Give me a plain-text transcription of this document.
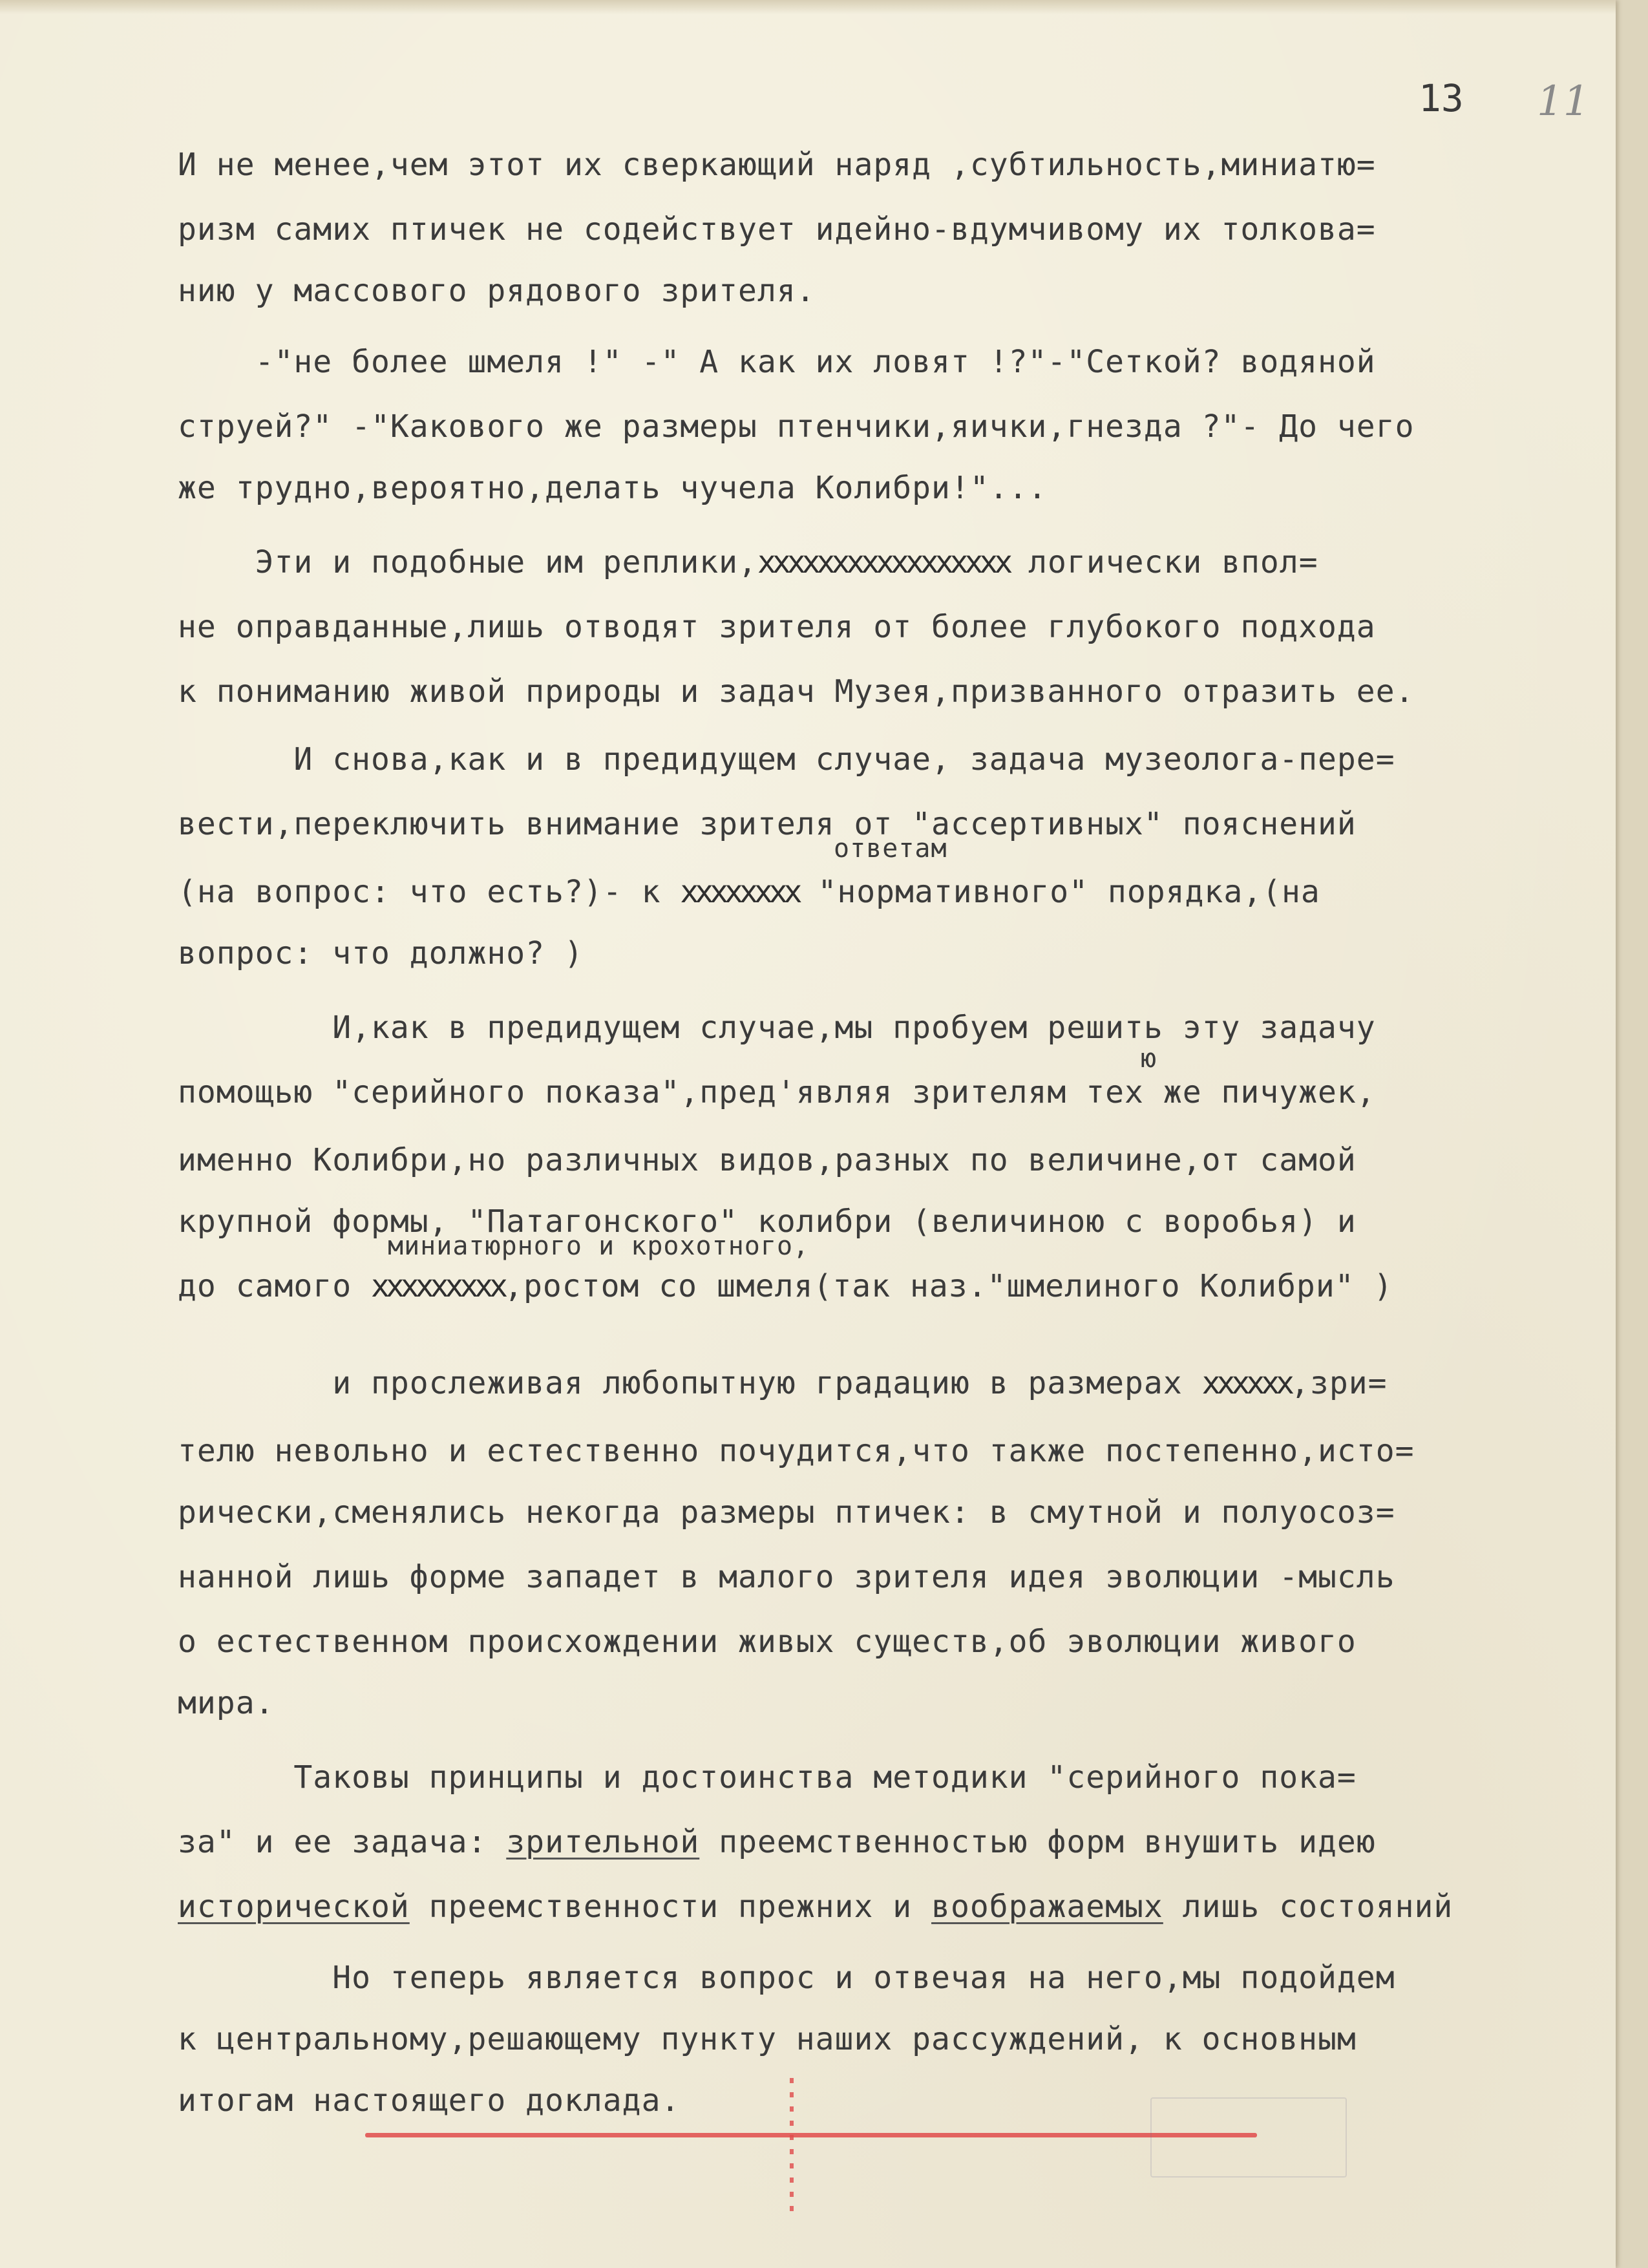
13 11
И не менее,чем этот их сверкающий наряд ,субтильность,миниатю=
ризм самих птичек не содействует идейно-вдумчивому их толкова=
нию у массового рядового зрителя.
-"не более шмеля !" -" А как их ловят !?"-"Сеткой? водяной
струей?" -"Каковогo же размеры птенчики,яички,гнезда ?"- До чего
же трудно,вероятно,делать чучела Колибри!"...
Эти и подобные им реплики,ххххххххххххххххх логически впол=
не оправданные,лишь отводят зрителя от более глубокого подхода
к пониманию живой природы и задач Музея,призванного отразить ее.
И снова,как и в предидущем случае, задача музеолога-пере=
вести,переключить внимание зрителя от "ассертивных" пояснений
ответам
(на вопрос: что есть?)- к хххххххх "нормативного" порядка,(на
вопрос: что должно? )
И,как в предидущем случае,мы пробуем решить эту задачу
ю
помощью "серийного показа",пред'являя зрителям тех же пичужек,
именно Колибри,но различных видов,разных по величине,от самой
крупной формы, "Патагонского" колибри (величиною с воробья) и
миниатюрного и крохотного,
до самого ххххххххх,ростом со шмеля(так наз."шмелиного Колибри" )
и прослеживая любопытную градацию в размерах хххххх,зри=
телю невольно и естественно почудится,что также постепенно,исто=
рически,сменялись некогда размеры птичек: в смутной и полуосоз=
нанной лишь форме западет в малого зрителя идея эволюции -мысль
о естественном происхождении живых существ,об эволюции живого
мира.
Таковы принципы и достоинства методики "серийного пока=
за" и ее задача: зрительной преемственностью форм внушить идею
исторической преемственности прежних и воображаемых лишь состояний
Но теперь является вопрос и отвечая на него,мы подойдем
к центральному,решающему пункту наших рассуждений, к основным
итогам настоящего доклада.
